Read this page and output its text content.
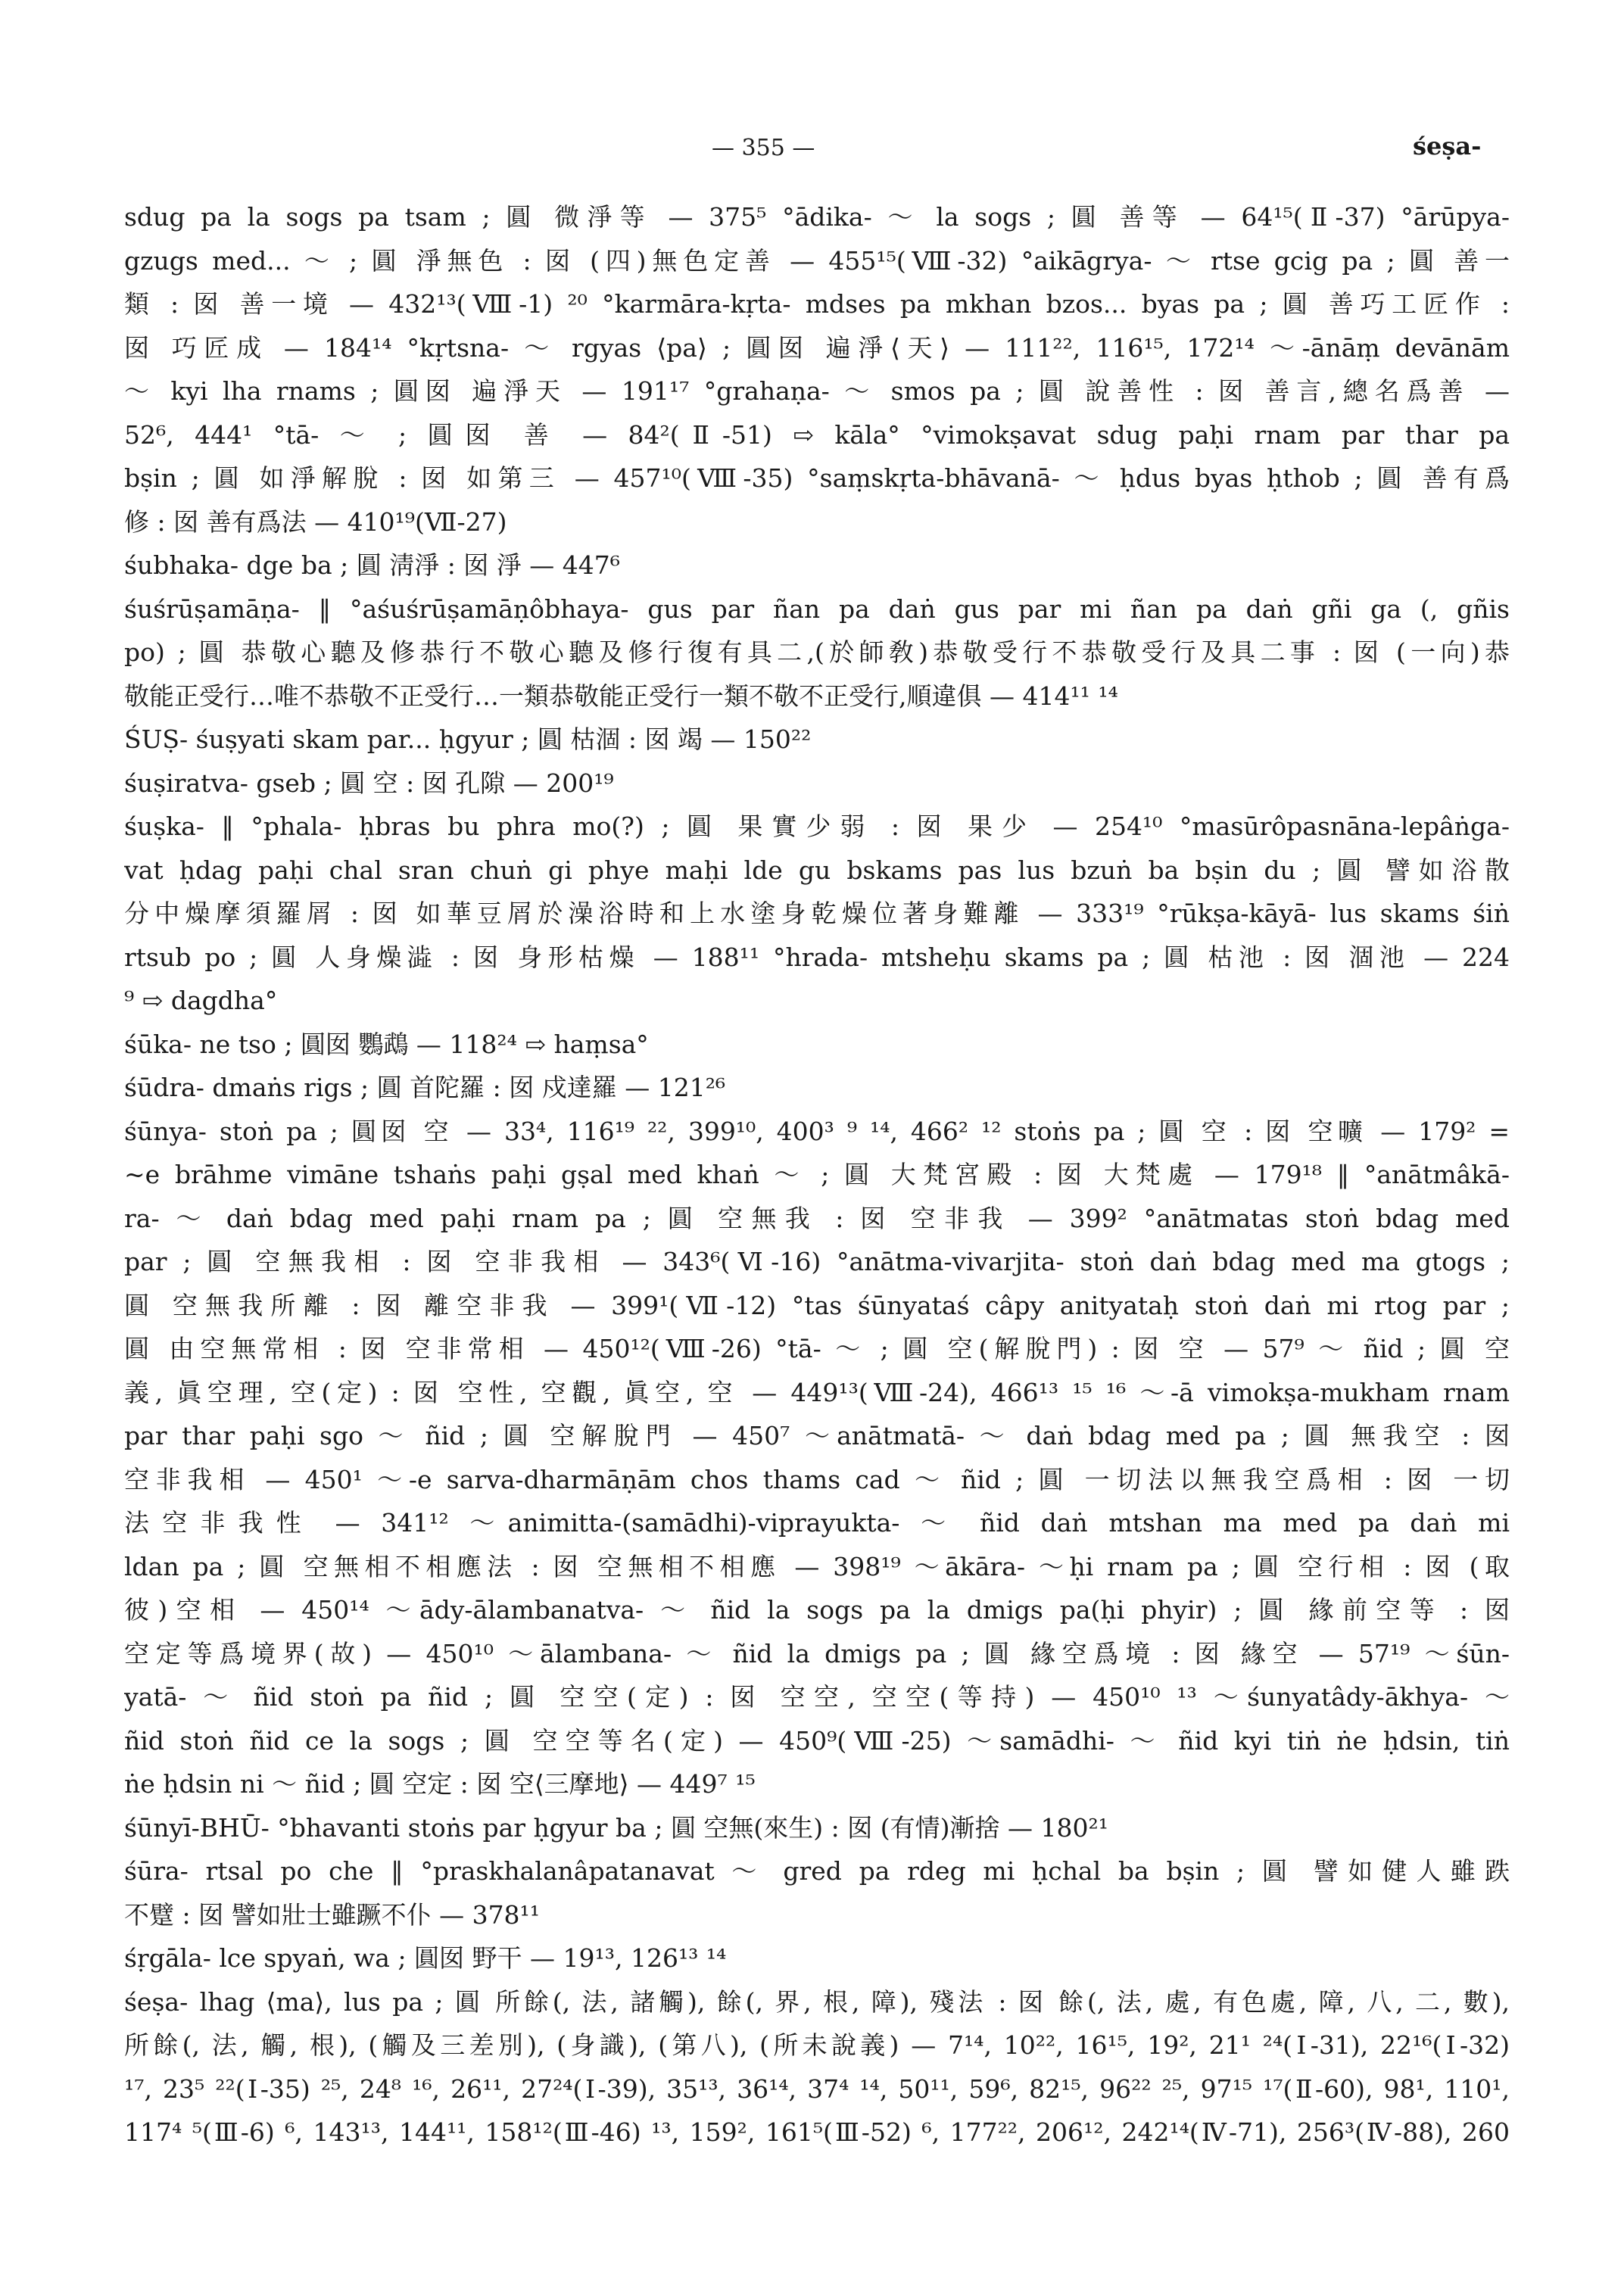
— 355 —	śeṣa-
sdug pa la sogs pa tsam ; 圓 微淨等 — 375⁵ °ādika- ～ la sogs ; 圓 善等 — 64¹⁵(Ⅱ-37) °ārūpya-
gzugs med... ～ ; 圓 淨無色 : 囡 (四)無色定善 — 455¹⁵(Ⅷ-32) °aikāgrya- ～ rtse gcig pa ; 圓 善一
類 : 囡 善一境 — 432¹³(Ⅷ-1) ²⁰ °karmāra-kṛta- mdses pa mkhan bzos... byas pa ; 圓 善巧工匠作 :
囡 巧匠成 — 184¹⁴ °kṛtsna- ～ rgyas ⟨pa⟩ ; 圓囡 遍淨⟨天⟩ — 111²², 116¹⁵, 172¹⁴ ～-ānāṃ devānām
～ kyi lha rnams ; 圓囡 遍淨天 — 191¹⁷ °grahaṇa- ～ smos pa ; 圓 說善性 : 囡 善言,總名爲善 —
52⁶, 444¹ °tā- ～ ; 圓囡 善 — 84²(Ⅱ-51) ⇨ kāla° °vimokṣavat sdug paḥi rnam par thar pa
bṣin ; 圓 如淨解脫 : 囡 如第三 — 457¹⁰(Ⅷ-35) °saṃskṛta-bhāvanā- ～ ḥdus byas ḥthob ; 圓 善有爲
修 : 囡 善有爲法 — 410¹⁹(Ⅶ-27)
śubhaka- dge ba ; 圓 淸淨 : 囡 淨 — 447⁶
śuśrūṣamāṇa- ‖ °aśuśrūṣamāṇôbhaya- gus par ñan pa daṅ gus par mi ñan pa daṅ gñi ga (, gñis
po) ; 圓 恭敬心聽及修恭行不敬心聽及修行復有具二,(於師敎)恭敬受行不恭敬受行及具二事 : 囡 (一向)恭
敬能正受行…唯不恭敬不正受行…一類恭敬能正受行一類不敬不正受行,順違俱 — 414¹¹ ¹⁴
ŚUṢ- śuṣyati skam par... ḥgyur ; 圓 枯涸 : 囡 竭 — 150²²
śuṣiratva- gseb ; 圓 空 : 囡 孔隙 — 200¹⁹
śuṣka- ‖ °phala- ḥbras bu phra mo(?) ; 圓 果實少弱 : 囡 果少 — 254¹⁰ °masūrôpasnāna-lepâṅga-
vat ḥdag paḥi chal sran chuṅ gi phye maḥi lde gu bskams pas lus bzuṅ ba bṣin du ; 圓 譬如浴散
分中燥摩須羅屑 : 囡 如華豆屑於澡浴時和上水塗身乾燥位著身難離 — 333¹⁹ °rūkṣa-kāyā- lus skams śiṅ
rtsub po ; 圓 人身燥澁 : 囡 身形枯燥 — 188¹¹ °hrada- mtsheḥu skams pa ; 圓 枯池 : 囡 涸池 — 224
⁹ ⇨ dagdha°
śūka- ne tso ; 圓囡 鸚鵡 — 118²⁴ ⇨ haṃsa°
śūdra- dmaṅs rigs ; 圓 首陀羅 : 囡 戍達羅 — 121²⁶
śūnya- stoṅ pa ; 圓囡 空 — 33⁴, 116¹⁹ ²², 399¹⁰, 400³ ⁹ ¹⁴, 466² ¹² stoṅs pa ; 圓 空 : 囡 空曠 — 179² =
~e brāhme vimāne tshaṅs paḥi gṣal med khaṅ ～ ; 圓 大梵宮殿 : 囡 大梵處 — 179¹⁸ ‖ °anātmâkā-
ra- ～ daṅ bdag med paḥi rnam pa ; 圓 空無我 : 囡 空非我 — 399² °anātmatas stoṅ bdag med
par ; 圓 空無我相 : 囡 空非我相 — 343⁶(Ⅵ-16) °anātma-vivarjita- stoṅ daṅ bdag med ma gtogs ;
圓 空無我所離 : 囡 離空非我 — 399¹(Ⅶ-12) °tas śūnyataś câpy anityataḥ stoṅ daṅ mi rtog par ;
圓 由空無常相 : 囡 空非常相 — 450¹²(Ⅷ-26) °tā- ～ ; 圓 空(解脫門) : 囡 空 — 57⁹ ～ ñid ; 圓 空
義, 眞空理, 空(定) : 囡 空性, 空觀, 眞空, 空 — 449¹³(Ⅷ-24), 466¹³ ¹⁵ ¹⁶ ～-ā vimokṣa-mukham rnam
par thar paḥi sgo ～ ñid ; 圓 空解脫門 — 450⁷ ～anātmatā- ～ daṅ bdag med pa ; 圓 無我空 : 囡
空非我相 — 450¹ ～-e sarva-dharmāṇām chos thams cad ～ ñid ; 圓 一切法以無我空爲相 : 囡 一切
法空非我性 — 341¹² ～animitta-(samādhi)-viprayukta- ～ ñid daṅ mtshan ma med pa daṅ mi
ldan pa ; 圓 空無相不相應法 : 囡 空無相不相應 — 398¹⁹ ～ākāra- ～ḥi rnam pa ; 圓 空行相 : 囡 (取
彼)空相 — 450¹⁴ ～ādy-ālambanatva- ～ ñid la sogs pa la dmigs pa(ḥi phyir) ; 圓 緣前空等 : 囡
空定等爲境界(故) — 450¹⁰ ～ālambana- ～ ñid la dmigs pa ; 圓 緣空爲境 : 囡 緣空 — 57¹⁹ ～śūn-
yatā- ～ ñid stoṅ pa ñid ; 圓 空空(定) : 囡 空空, 空空(等持) — 450¹⁰ ¹³ ～śunyatâdy-ākhya- ～
ñid stoṅ ñid ce la sogs ; 圓 空空等名(定) — 450⁹(Ⅷ-25) ～samādhi- ～ ñid kyi tiṅ ṅe ḥdsin, tiṅ
ṅe ḥdsin ni ～ ñid ; 圓 空定 : 囡 空⟨三摩地⟩ — 449⁷ ¹⁵
śūnyī-BHŪ- °bhavanti stoṅs par ḥgyur ba ; 圓 空無(來生) : 囡 (有情)漸捨 — 180²¹
śūra- rtsal po che ‖ °praskhalanâpatanavat ～ gred pa rdeg mi ḥchal ba bṣin ; 圓 譬如健人雖跌
不躄 : 囡 譬如壯士雖蹶不仆 — 378¹¹
śṛgāla- lce spyaṅ, wa ; 圓囡 野干 — 19¹³, 126¹³ ¹⁴
śeṣa- lhag ⟨ma⟩, lus pa ; 圓 所餘(, 法, 諸觸), 餘(, 界, 根, 障), 殘法 : 囡 餘(, 法, 處, 有色處, 障, 八, 二, 數),
所餘(, 法, 觸, 根), (觸及三差別), (身識), (第八), (所未說義) — 7¹⁴, 10²², 16¹⁵, 19², 21¹ ²⁴(Ⅰ-31), 22¹⁶(Ⅰ-32)
¹⁷, 23⁵ ²²(Ⅰ-35) ²⁵, 24⁸ ¹⁶, 26¹¹, 27²⁴(Ⅰ-39), 35¹³, 36¹⁴, 37⁴ ¹⁴, 50¹¹, 59⁶, 82¹⁵, 96²² ²⁵, 97¹⁵ ¹⁷(Ⅱ-60), 98¹, 110¹,
117⁴ ⁵(Ⅲ-6) ⁶, 143¹³, 144¹¹, 158¹²(Ⅲ-46) ¹³, 159², 161⁵(Ⅲ-52) ⁶, 177²², 206¹², 242¹⁴(Ⅳ-71), 256³(Ⅳ-88), 260
